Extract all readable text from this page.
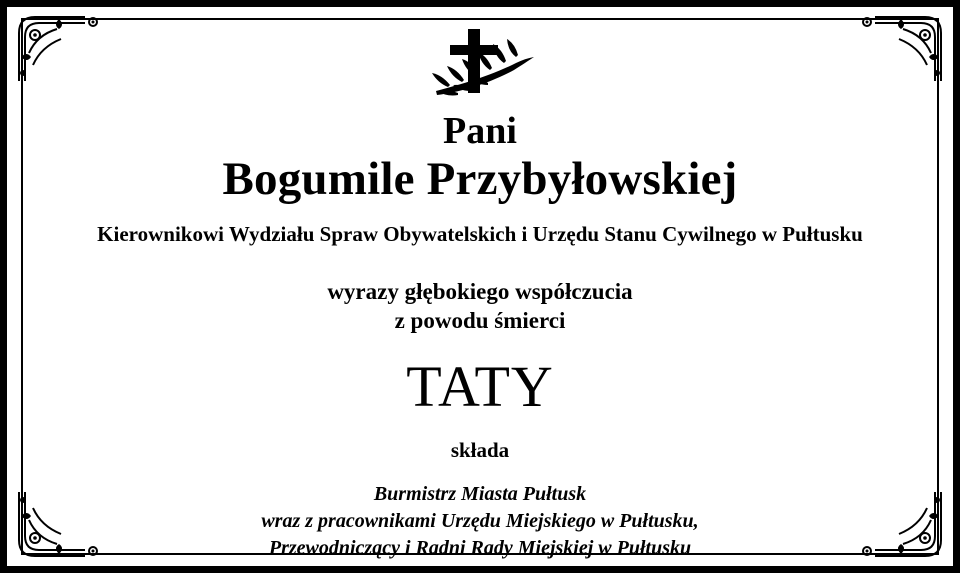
Pani
Bogumile Przybyłowskiej
Kierownikowi Wydziału Spraw Obywatelskich i Urzędu Stanu Cywilnego w Pułtusku
wyrazy głębokiego współczucia
z powodu śmierci
TATY
składa
Burmistrz Miasta Pułtusk
wraz z pracownikami Urzędu Miejskiego w Pułtusku,
Przewodniczący i Radni Rady Miejskiej w Pułtusku
